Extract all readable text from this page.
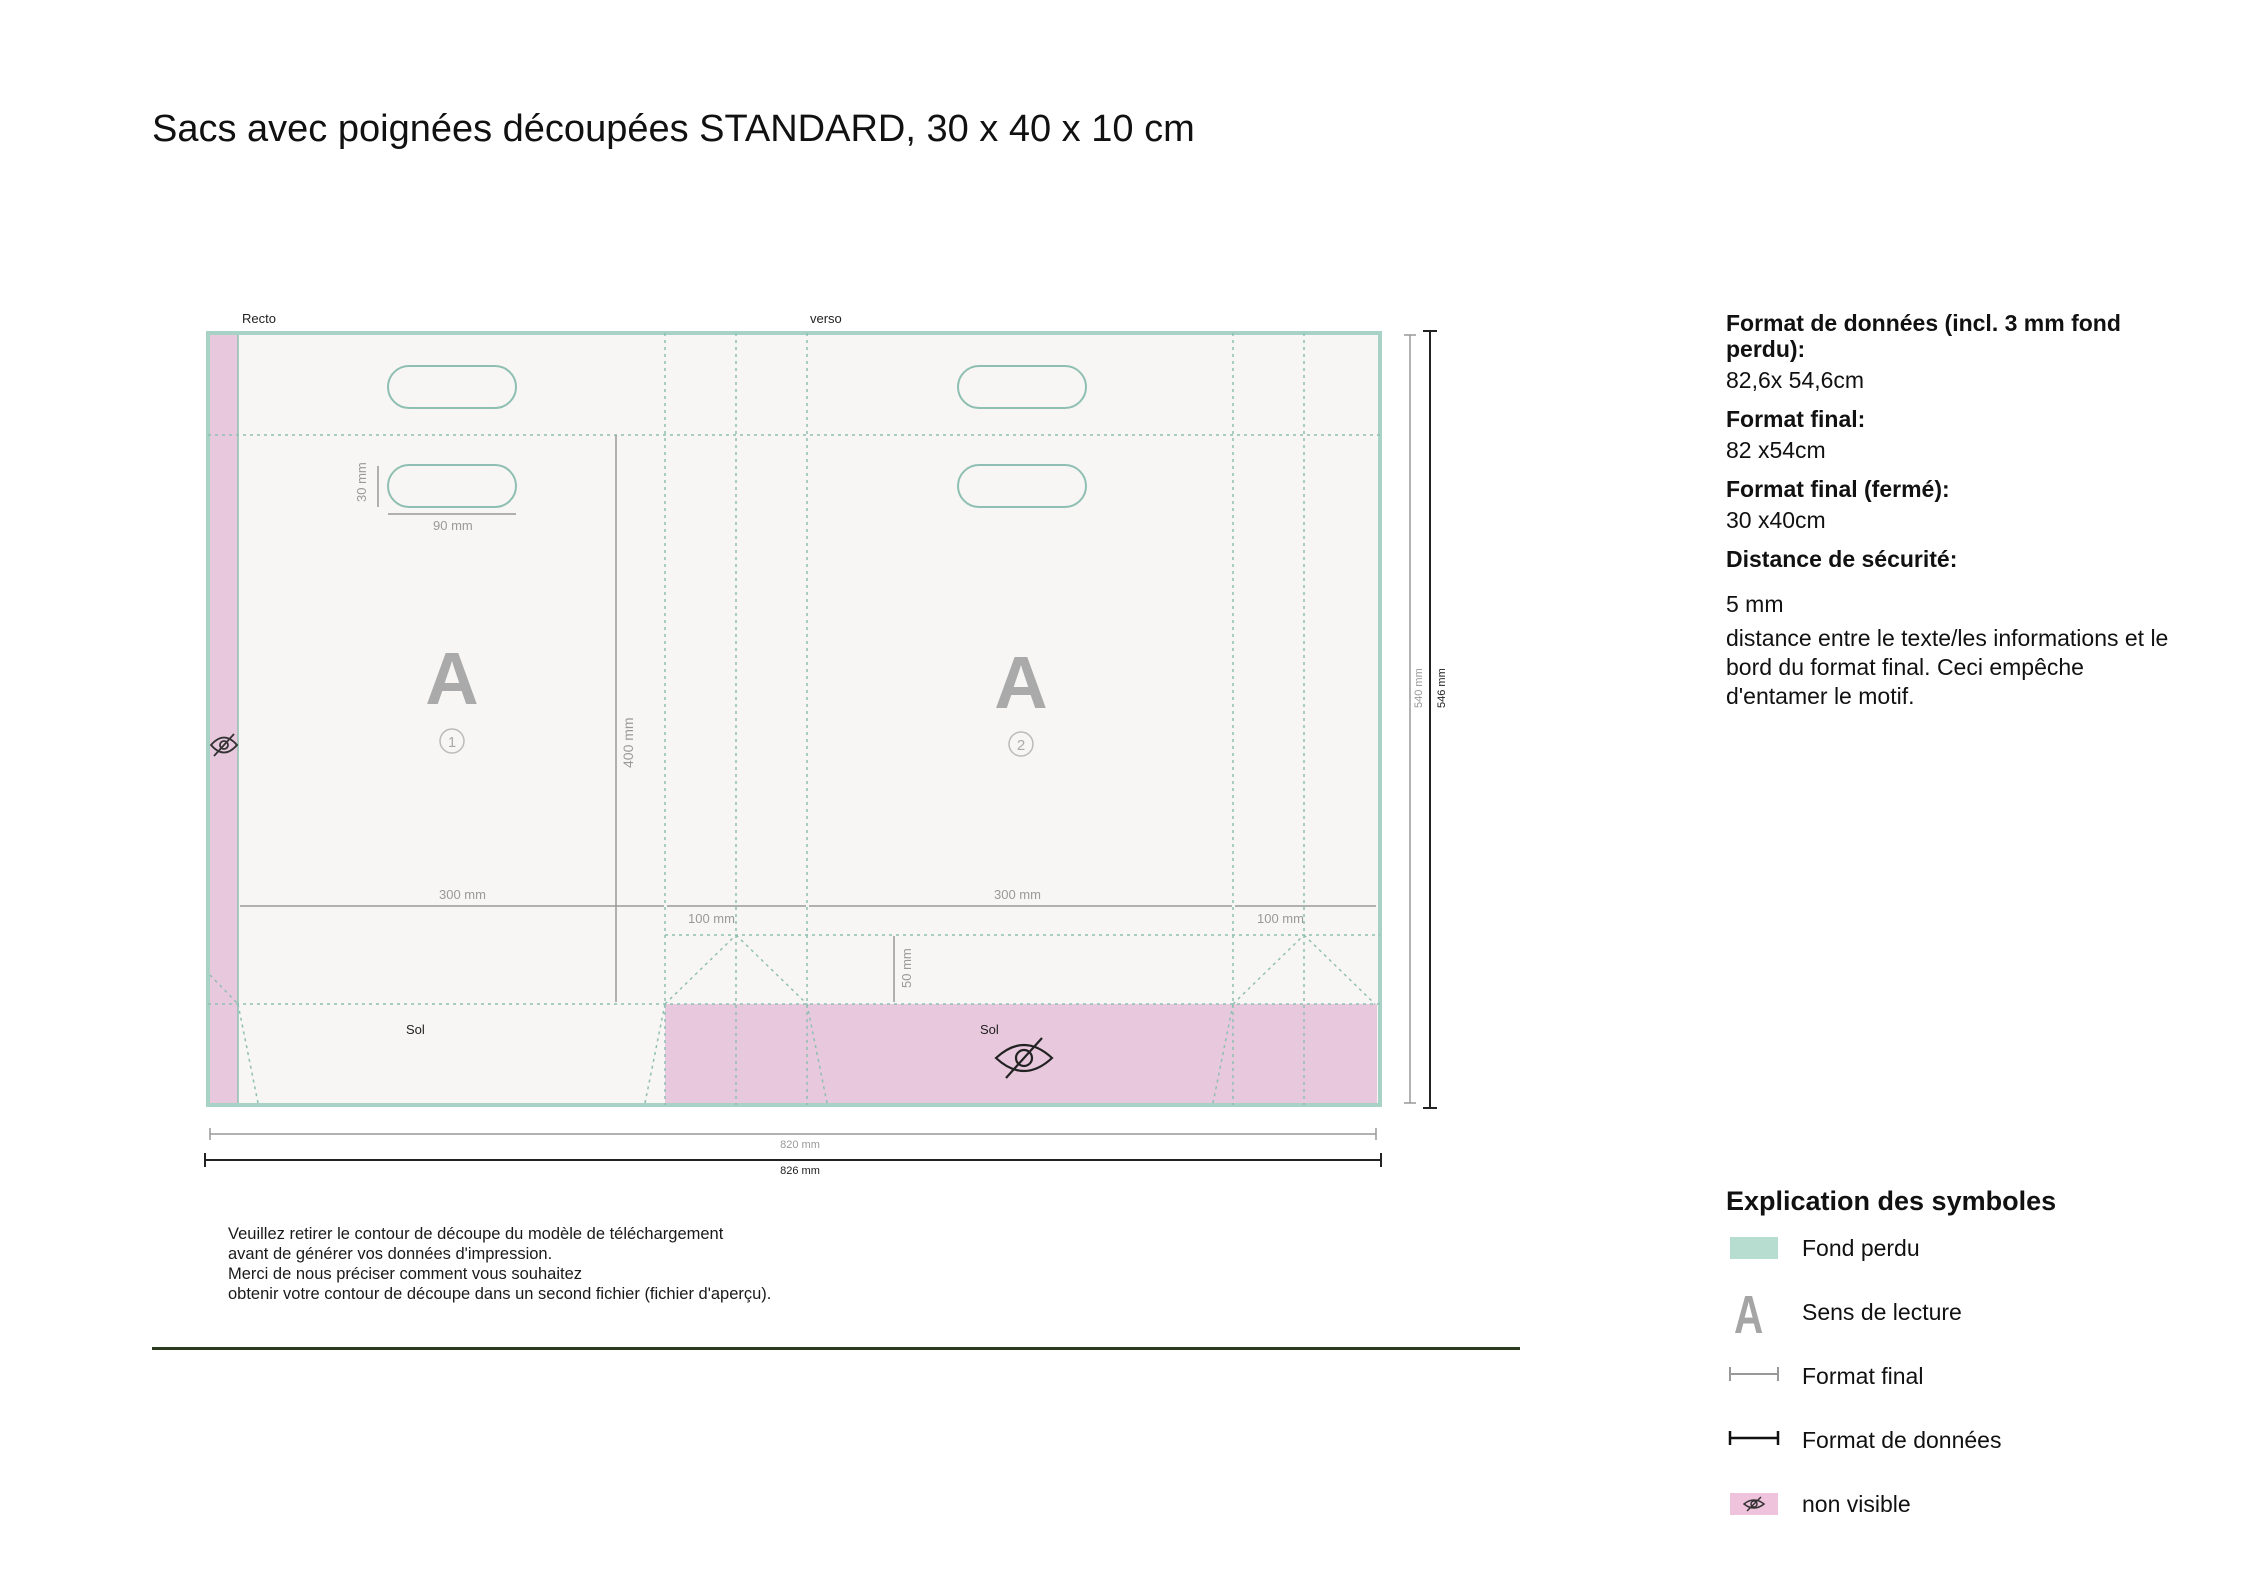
Sacs avec poignées découpées STANDARD, 30 x 40 x 10 cm
Recto	verso
30 mm
90 mm
400 mm
300 mm
100 mm
300 mm
100 mm
50 mm
A	A
1	2
Sol	Sol
820 mm
826 mm
540 mm 546 mm
Veuillez retirer le contour de découpe du modèle de téléchargement
avant de générer vos données d'impression.
Merci de nous préciser comment vous souhaitez
obtenir votre contour de découpe dans un second fichier (fichier d'aperçu).
Format de données (incl. 3 mm fond perdu):
82,6x 54,6cm
Format final:
82 x54cm
Format final (fermé):
30 x40cm
Distance de sécurité:
5 mm
distance entre le texte/les informations et le bord du format final. Ceci empêche d'entamer le motif.
Explication des symboles
Fond perdu
A Sens de lecture
Format final
Format de données
non visible
